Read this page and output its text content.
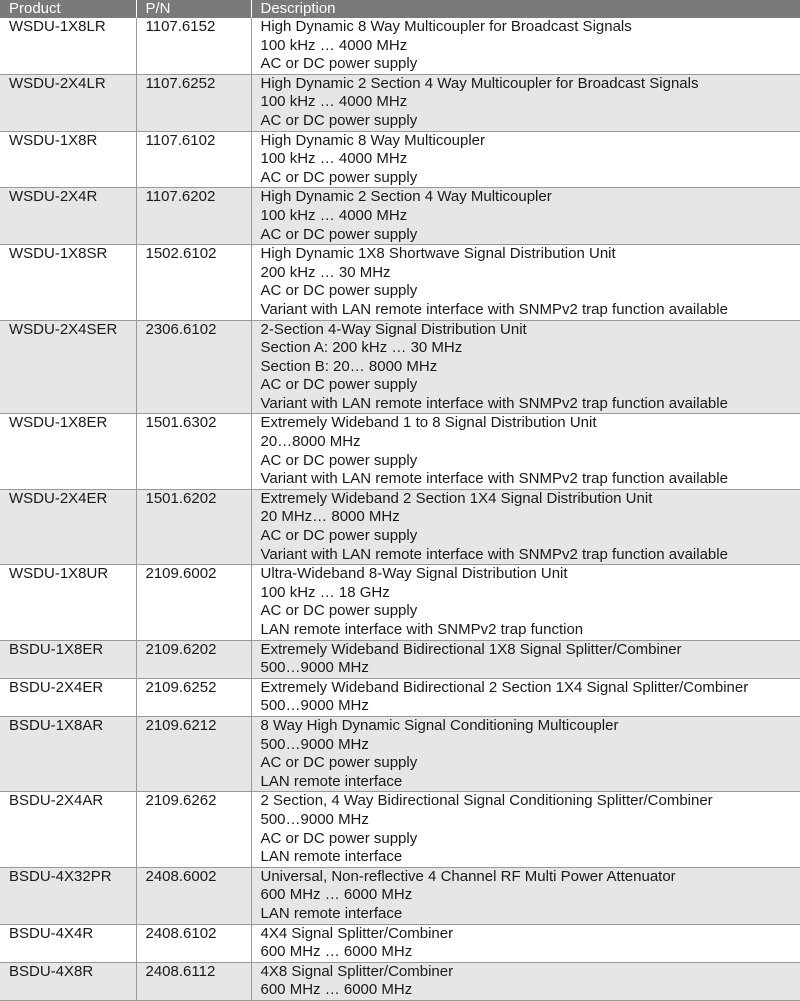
Product	P/N	Description
WSDU-1X8LR	1107.6152	High Dynamic 8 Way Multicoupler for Broadcast Signals
100 kHz … 4000 MHz
AC or DC power supply

WSDU-2X4LR	1107.6252	High Dynamic 2 Section 4 Way Multicoupler for Broadcast Signals
100 kHz … 4000 MHz
AC or DC power supply

WSDU-1X8R	1107.6102	High Dynamic 8 Way Multicoupler
100 kHz … 4000 MHz
AC or DC power supply

WSDU-2X4R	1107.6202	High Dynamic 2 Section 4 Way Multicoupler
100 kHz … 4000 MHz
AC or DC power supply

WSDU-1X8SR	1502.6102	High Dynamic 1X8 Shortwave Signal Distribution Unit
200 kHz … 30 MHz
AC or DC power supply
Variant with LAN remote interface with SNMPv2 trap function available

WSDU-2X4SER	2306.6102	2-Section 4-Way Signal Distribution Unit
Section A: 200 kHz … 30 MHz
Section B: 20… 8000 MHz
AC or DC power supply
Variant with LAN remote interface with SNMPv2 trap function available

WSDU-1X8ER	1501.6302	Extremely Wideband 1 to 8 Signal Distribution Unit
20…8000 MHz
AC or DC power supply
Variant with LAN remote interface with SNMPv2 trap function available

WSDU-2X4ER	1501.6202	Extremely Wideband 2 Section 1X4 Signal Distribution Unit
20 MHz… 8000 MHz
AC or DC power supply
Variant with LAN remote interface with SNMPv2 trap function available

WSDU-1X8UR	2109.6002	Ultra-Wideband 8-Way Signal Distribution Unit
100 kHz … 18 GHz
AC or DC power supply
LAN remote interface with SNMPv2 trap function

BSDU-1X8ER	2109.6202	Extremely Wideband Bidirectional 1X8 Signal Splitter/Combiner
500…9000 MHz

BSDU-2X4ER	2109.6252	Extremely Wideband Bidirectional 2 Section 1X4 Signal Splitter/Combiner
500…9000 MHz

BSDU-1X8AR	2109.6212	8 Way High Dynamic Signal Conditioning Multicoupler
500…9000 MHz
AC or DC power supply
LAN remote interface

BSDU-2X4AR	2109.6262	2 Section, 4 Way Bidirectional Signal Conditioning Splitter/Combiner
500…9000 MHz
AC or DC power supply
LAN remote interface

BSDU-4X32PR	2408.6002	Universal, Non-reflective 4 Channel RF Multi Power Attenuator
600 MHz … 6000 MHz
LAN remote interface

BSDU-4X4R	2408.6102	4X4 Signal Splitter/Combiner
600 MHz … 6000 MHz

BSDU-4X8R	2408.6112	4X8 Signal Splitter/Combiner
600 MHz … 6000 MHz
